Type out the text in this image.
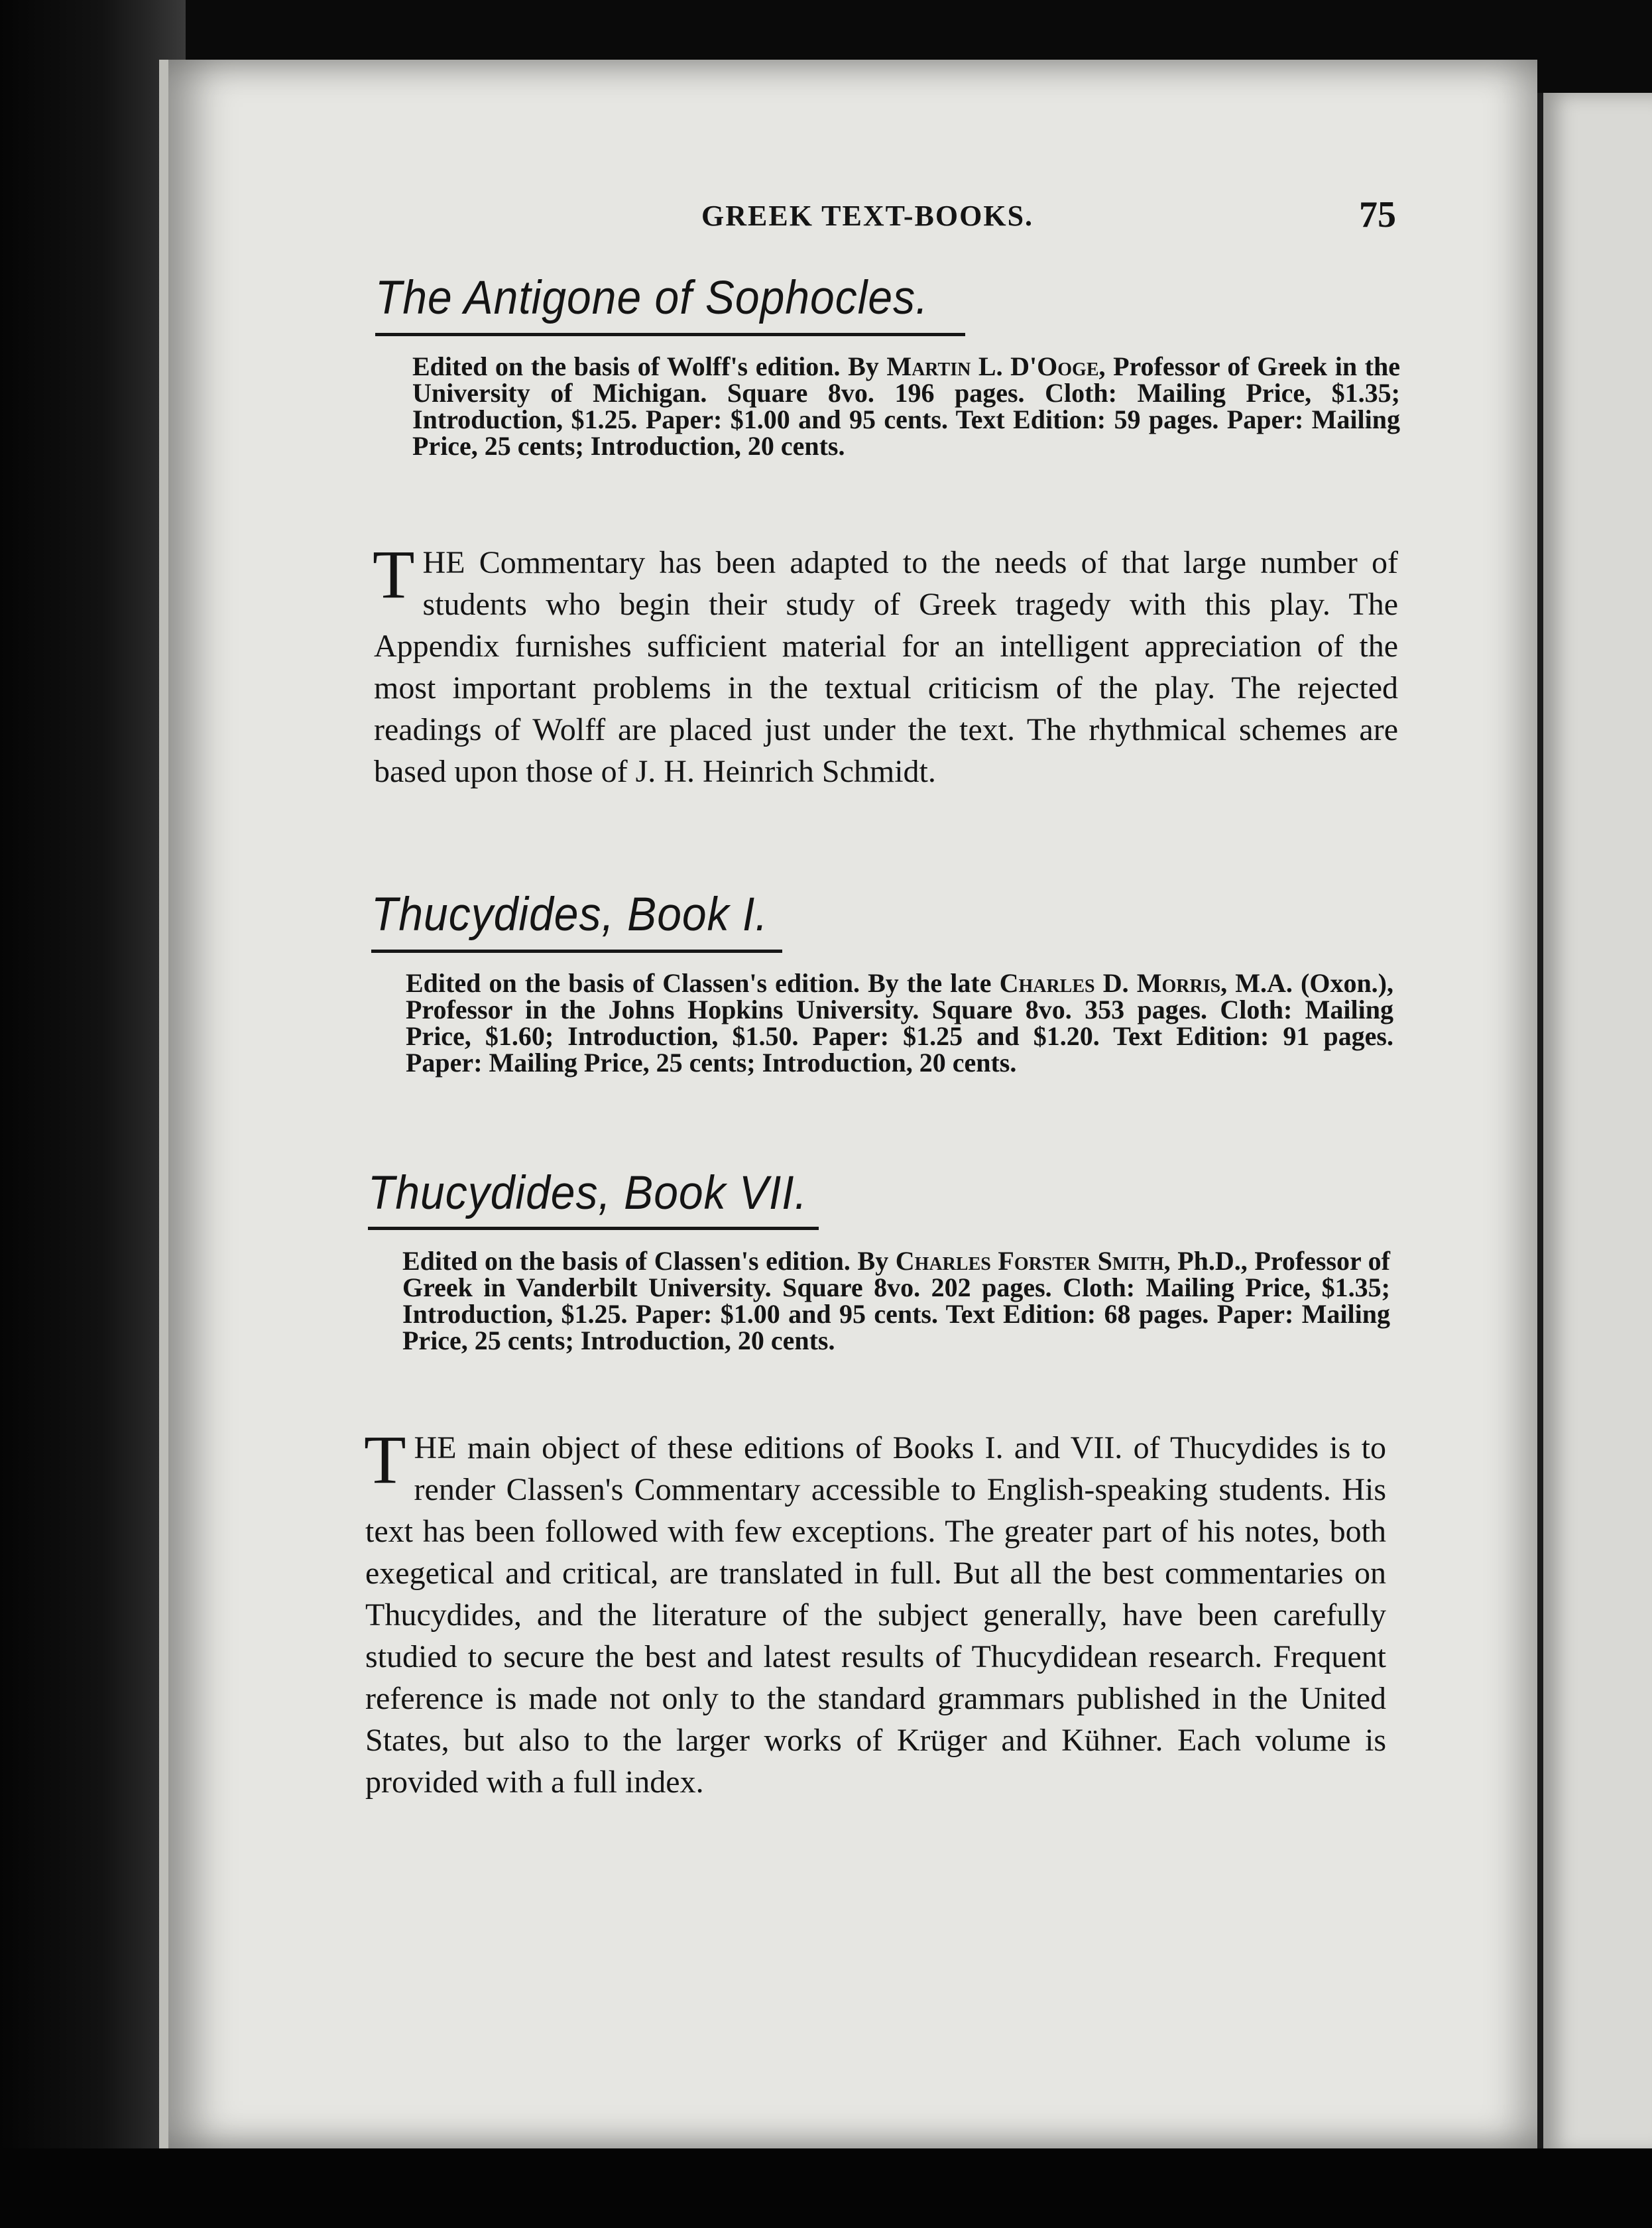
GREEK TEXT-BOOKS.	75
The Antigone of Sophocles.

Edited on the basis of Wolff's edition. By Martin L. D'Ooge, Professor of Greek in the University of Michigan. Square 8vo. 196 pages. Cloth: Mailing Price, $1.35; Introduction, $1.25. Paper: $1.00 and 95 cents. Text Edition: 59 pages. Paper: Mailing Price, 25 cents; Introduction, 20 cents.

THE Commentary has been adapted to the needs of that large number of students who begin their study of Greek tragedy with this play. The Appendix furnishes sufficient material for an intelligent appreciation of the most important problems in the textual criticism of the play. The rejected readings of Wolff are placed just under the text. The rhythmical schemes are based upon those of J. H. Heinrich Schmidt.

Thucydides, Book I.

Edited on the basis of Classen's edition. By the late Charles D. Morris, M.A. (Oxon.), Professor in the Johns Hopkins University. Square 8vo. 353 pages. Cloth: Mailing Price, $1.60; Introduction, $1.50. Paper: $1.25 and $1.20. Text Edition: 91 pages. Paper: Mailing Price, 25 cents; Introduction, 20 cents.

Thucydides, Book VII.

Edited on the basis of Classen's edition. By Charles Forster Smith, Ph.D., Professor of Greek in Vanderbilt University. Square 8vo. 202 pages. Cloth: Mailing Price, $1.35; Introduction, $1.25. Paper: $1.00 and 95 cents. Text Edition: 68 pages. Paper: Mailing Price, 25 cents; Introduction, 20 cents.

THE main object of these editions of Books I. and VII. of Thucydides is to render Classen's Commentary accessible to English-speaking students. His text has been followed with few exceptions. The greater part of his notes, both exegetical and critical, are translated in full. But all the best commentaries on Thucydides, and the literature of the subject generally, have been carefully studied to secure the best and latest results of Thucydidean research. Frequent reference is made not only to the standard grammars published in the United States, but also to the larger works of Krüger and Kühner. Each volume is provided with a full index.
